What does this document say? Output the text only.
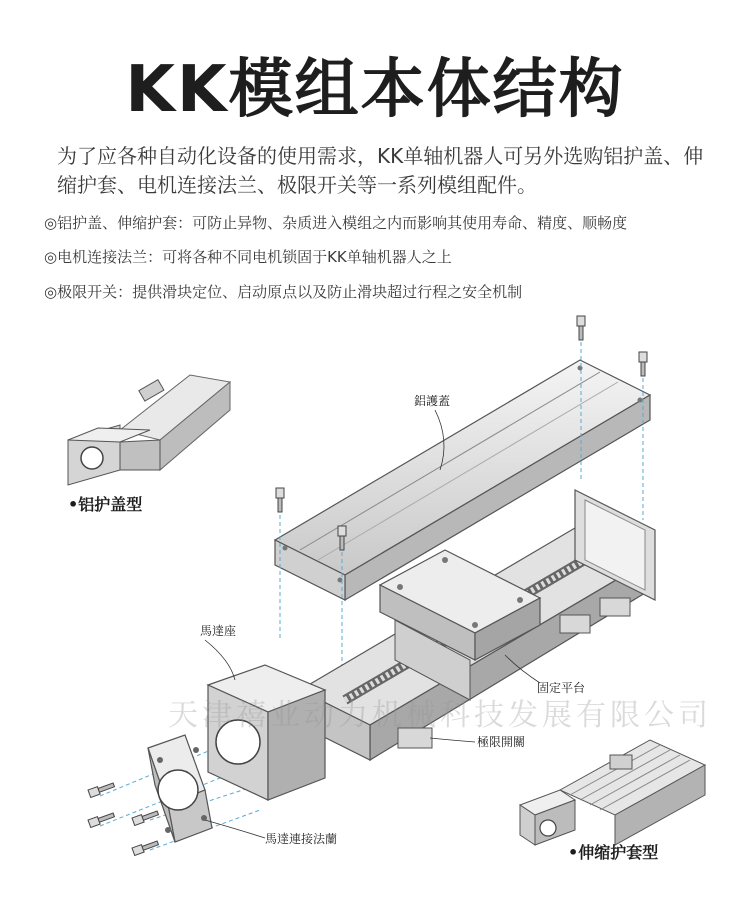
KK模组本体结构
为了应各种自动化设备的使用需求，KK单轴机器人可另外选购铝护盖、伸缩护套、电机连接法兰、极限开关等一系列模组配件。
◎铝护盖、伸缩护套：可防止异物、杂质进入模组之内而影响其使用寿命、精度、顺畅度
◎电机连接法兰：可将各种不同电机锁固于KK单轴机器人之上
◎极限开关：提供滑块定位、启动原点以及防止滑块超过行程之安全机制
•铝护盖型
•伸缩护套型
鋁護蓋
馬達座
固定平台
極限開關
馬達連接法蘭
天津禧业动力机械科技发展有限公司
